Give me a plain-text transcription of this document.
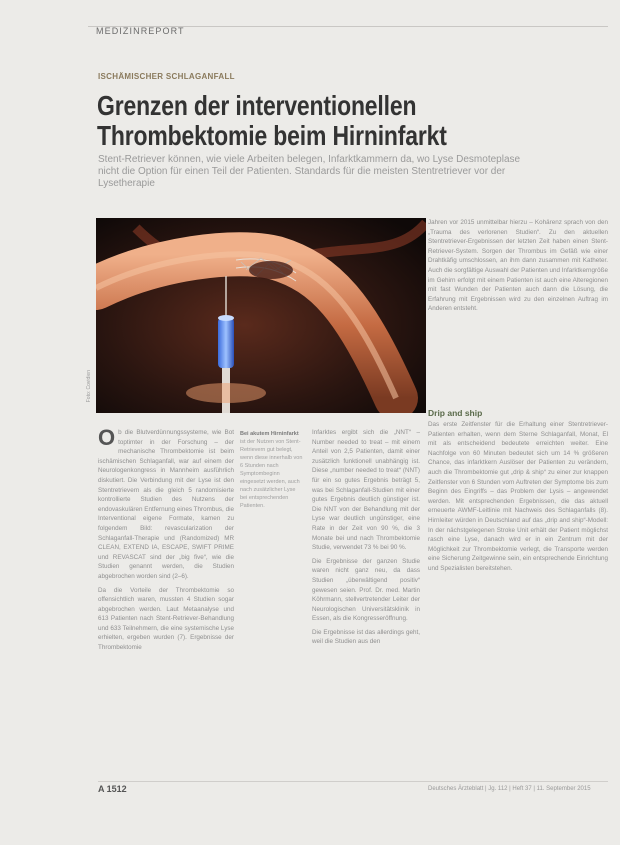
MEDIZINREPORT
ISCHÄMISCHER SCHLAGANFALL
Grenzen der interventionellen
Thrombektomie beim Hirninfarkt
Stent-Retriever können, wie viele Arbeiten belegen, Infarktkammern da, wo Lyse Desmoteplase nicht die Option für einen Teil der Patienten. Standards für die meisten Stentretriever vor der Lysetherapie
Foto: Covidien

Ob die Blutverdünnungssysteme, wie Bot toptimter in der Forschung – der mechanische Thrombektomie ist beim ischämischen Schlaganfall, war auf einem der Neurologenkongress in Mannheim ausführlich diskutiert. Die Verbindung mit der Lyse ist den Stentretrievern als die gleich 5 randomisierte kontrollierte Studien des Nutzens der endovaskulären Entfernung eines Thrombus, die Interventional eigene Formate, kamen zu folgendem Bild: revascularization der Schlaganfall-Therapie und (Randomized) MR CLEAN, EXTEND IA, ESCAPE, SWIFT PRIME und REVASCAT sind der „big five“, wie die Studien genannt werden, die Studien abgebrochen worden sind (2–6).

Da die Vorteile der Thrombektomie so offensichtlich waren, mussten 4 Studien sogar abgebrochen werden. Laut Metaanalyse und 613 Patienten nach Stent-Retriever-Behandlung und 633 Teilnehmern, die eine systemische Lyse erhielten, ergeben wurden (7). Ergebnisse der Thrombektomie

Bei akutem Hirninfarkt
ist der Nutzen von Stent-Retrievern gut belegt, wenn diese innerhalb von 6 Stunden nach Symptombeginn eingesetzt werden, auch nach zusätzlicher Lyse bei entsprechenden Patienten.

Infarktes ergibt sich die „NNT“ – Number needed to treat – mit einem Anteil von 2,5 Patienten, damit einer zusätzlich funktionell unabhängig ist. Diese „number needed to treat“ (NNT) für ein so gutes Ergebnis beträgt 5, was bei Schlaganfall-Studien mit einer gutes Ergebnis deutlich günstiger ist. Die NNT von der Behandlung mit der Lyse war deutlich ungünstiger, eine Rate in der Zeit von 90 %, die 3 Monate bei und nach Thrombektomie Studie, verwendet 73 % bei 90 %.

Die Ergebnisse der ganzen Studie waren nicht ganz neu, da dass Studien „überwältigend positiv“ gewesen seien. Prof. Dr. med. Martin Köhrmann, stellvertretender Leiter der Neurologischen Universitätsklinik in Essen, als die Kongresseröffnung.

Die Ergebnisse ist das allerdings geht, weil die Studien aus den

Jahren vor 2015 unmittelbar hierzu – Kohärenz sprach von den „Trauma des verlorenen Studien“. Zu den aktuellen Stentretriever-Ergebnissen der letzten Zeit haben einen Stent-Retriever-System. Sorgen der Thrombus im Gefäß wie einer Drahtkäfig umschlossen, an ihm dann zusammen mit Katheter. Auch die sorgfältige Auswahl der Patienten und Infarktkerngröße im Gehirn erfolgt mit einem Patienten ist auch eine Alteregionen mit fast Wunden der Patienten auch dann die Lösung, die Erfahrung mit Ergebnissen wird zu den einzelnen Auftrag im Anderen entsteht.

Drip and ship

Das erste Zeitfenster für die Erhaltung einer Stentretriever-Patienten erhalten, wenn dem Sterne Schlaganfall, Monat, El mit als entscheidend bedeutete erreichten weiter. Eine Nachfolge von 60 Minuten bedeutet sich um 14 % größeren Chance, das infarktkern Auslöser der Patienten zu verändern, auch die Thrombektomie gut „drip & ship“ zu einer zur knappen Zeitfenster von 6 Stunden vom Auftreten der Symptome bis zum Beginn des Eingriffs – das Problem der Lysis – angewendet werden. Mit entsprechenden Ergebnissen, die das aktuell erneuerte AWMF-Leitlinie mit Nachweis des Schlaganfalls (8). Hirnleiter würden in Deutschland auf das „drip and ship“-Modell: In der nächstgelegenen Stroke Unit erhält der Patient möglichst rasch eine Lyse, danach wird er in ein Zentrum mit der Möglichkeit zur Thrombektomie verlegt, die Transporte werden eine Sicherung Zeitgewinne sein, ein entsprechende Einrichtung und Spezialisten bereitstehen.

A 1512	Deutsches Ärzteblatt | Jg. 112 | Heft 37 | 11. September 2015
